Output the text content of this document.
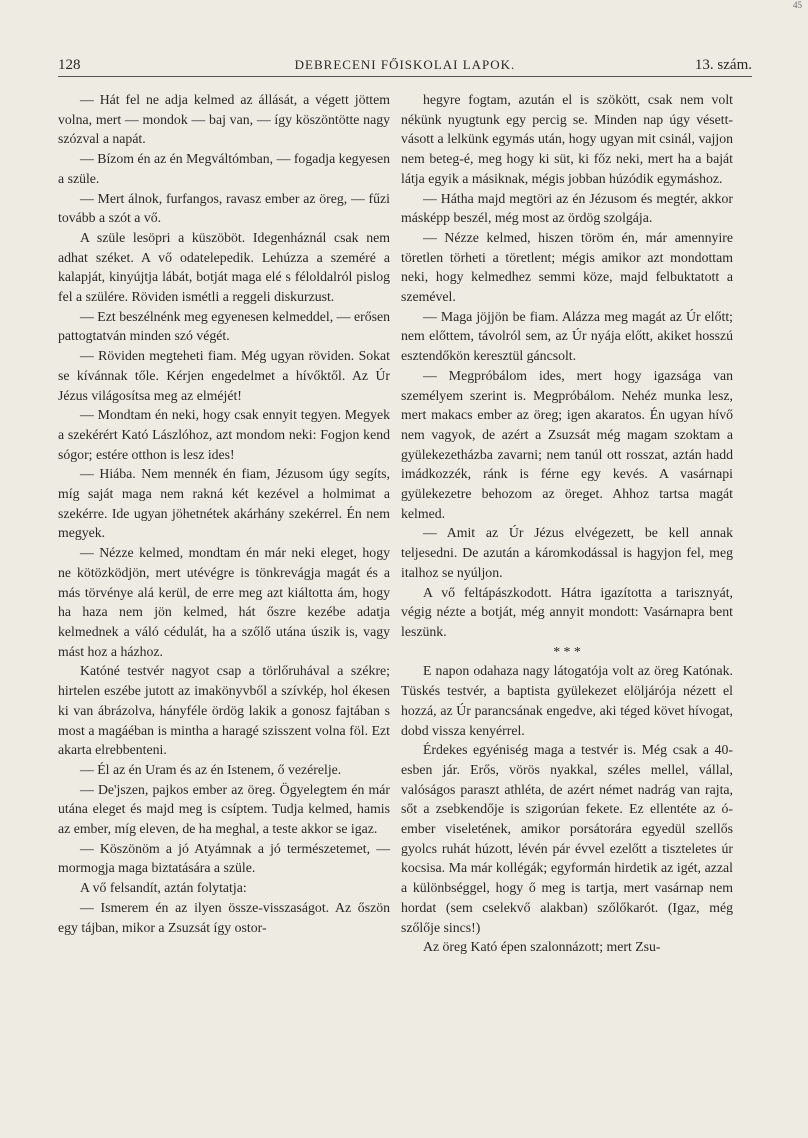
45
128	DEBRECENI FŐISKOLAI LAPOK.	13. szám.

— Hát fel ne adja kelmed az állását, a végett jöttem volna, mert — mondok — baj van, — így köszöntötte nagy szózval a napát.

— Bízom én az én Megváltómban, — fogadja kegyesen a szüle.

— Mert álnok, furfangos, ravasz ember az öreg, — fűzi tovább a szót a vő.

A szüle lesöpri a küszöböt. Idegenháznál csak nem adhat széket. A vő odatelepedik. Lehúzza a szeméré a kalapját, kinyújtja lábát, botját maga elé s féloldalról pislog fel a szülére. Röviden ismétli a reggeli diskurzust.

— Ezt beszélnénk meg egyenesen kelmeddel, — erősen pattogtatván minden szó végét.

— Röviden megteheti fiam. Még ugyan röviden. Sokat se kívánnak tőle. Kérjen engedelmet a hívőktől. Az Úr Jézus világosítsa meg az elméjét!

— Mondtam én neki, hogy csak ennyit tegyen. Megyek a szekérért Kató Lászlóhoz, azt mondom neki: Fogjon kend sógor; estére otthon is lesz ides!

— Hiába. Nem mennék én fiam, Jézusom úgy segíts, míg saját maga nem rakná két kezével a holmimat a szekérre. Ide ugyan jöhetnétek akárhány szekérrel. Én nem megyek.

— Nézze kelmed, mondtam én már neki eleget, hogy ne kötözködjön, mert utévégre is tönkrevágja magát és a más törvénye alá kerül, de erre meg azt kiáltotta ám, hogy ha haza nem jön kelmed, hát őszre kezébe adatja kelmednek a váló cédulát, ha a szőlő utána úszik is, vagy mást hoz a házhoz.

Katóné testvér nagyot csap a törlőruhával a székre; hirtelen eszébe jutott az imakönyvből a szívkép, hol ékesen ki van ábrázolva, hányféle ördög lakik a gonosz fajtában s most a magáéban is mintha a haragé szisszent volna föl. Ezt akarta elrebbenteni.

— Él az én Uram és az én Istenem, ő vezérelje.

— De'jszen, pajkos ember az öreg. Ögyelegtem én már utána eleget és majd meg is csíptem. Tudja kelmed, hamis az ember, míg eleven, de ha meghal, a teste akkor se igaz.

— Köszönöm a jó Atyámnak a jó természetemet, — mormogja maga biztatására a szüle.

A vő felsandít, aztán folytatja:

— Ismerem én az ilyen össze-visszaságot. Az őszön egy tájban, mikor a Zsuzsát így ostor-

hegyre fogtam, azután el is szökött, csak nem volt nékünk nyugtunk egy percig se. Minden nap úgy vésett-vásott a lelkünk egymás után, hogy ugyan mit csinál, vajjon nem beteg-é, meg hogy ki süt, ki főz neki, mert ha a baját látja egyik a másiknak, mégis jobban húzódik egymáshoz.

— Hátha majd megtöri az én Jézusom és megtér, akkor másképp beszél, még most az ördög szolgája.

— Nézze kelmed, hiszen töröm én, már amennyire töretlen törheti a töretlent; mégis amikor azt mondottam neki, hogy kelmedhez semmi köze, majd felbuktatott a szemével.

— Maga jöjjön be fiam. Alázza meg magát az Úr előtt; nem előttem, távolról sem, az Úr nyája előtt, akiket hosszú esztendőkön keresztül gáncsolt.

— Megpróbálom ides, mert hogy igazsága van személyem szerint is. Megpróbálom. Nehéz munka lesz, mert makacs ember az öreg; igen akaratos. Én ugyan hívő nem vagyok, de azért a Zsuzsát még magam szoktam a gyülekezetházba zavarni; nem tanúl ott rosszat, aztán hadd imádkozzék, ránk is férne egy kevés. A vasárnapi gyülekezetre behozom az öreget. Ahhoz tartsa magát kelmed.

— Amit az Úr Jézus elvégezett, be kell annak teljesedni. De azután a káromkodással is hagyjon fel, meg italhoz se nyúljon.

A vő feltápászkodott. Hátra igazította a tarisznyát, végig nézte a botját, még annyit mondott: Vasárnapra bent leszünk.

* * *

E napon odahaza nagy látogatója volt az öreg Katónak. Tüskés testvér, a baptista gyülekezet elöljárója nézett el hozzá, az Úr parancsának engedve, aki téged követ hívogat, dobd vissza kenyérrel.

Érdekes egyéniség maga a testvér is. Még csak a 40-esben jár. Erős, vörös nyakkal, széles mellel, vállal, valóságos paraszt athléta, de azért német nadrág van rajta, sőt a zsebkendője is szigorúan fekete. Ez ellentéte az ó-ember viseletének, amikor porsátorára egyedül szellős gyolcs ruhát húzott, lévén pár évvel ezelőtt a tiszteletes úr kocsisa. Ma már kollégák; egyformán hirdetik az igét, azzal a különbséggel, hogy ő meg is tartja, mert vasárnap nem hordat (sem cselekvő alakban) szőlőkarót. (Igaz, még szőlője sincs!)

Az öreg Kató épen szalonnázott; mert Zsu-
